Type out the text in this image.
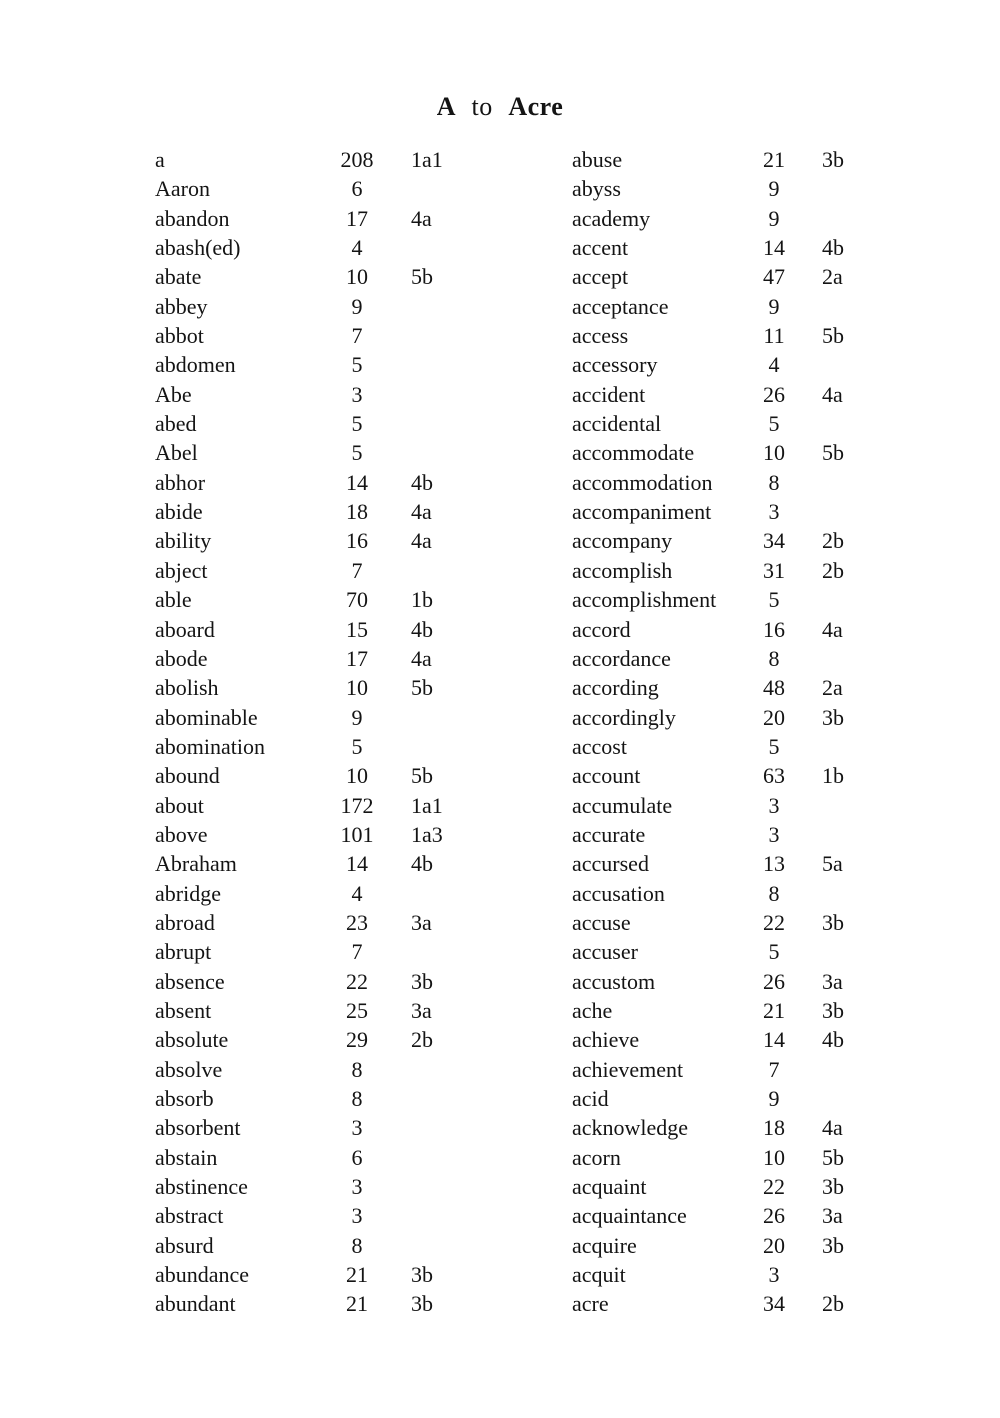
A to Acre
a	208	1a1
Aaron	6
abandon	17	4a
abash(ed)	4
abate	10	5b
abbey	9
abbot	7
abdomen	5
Abe	3
abed	5
Abel	5
abhor	14	4b
abide	18	4a
ability	16	4a
abject	7
able	70	1b
aboard	15	4b
abode	17	4a
abolish	10	5b
abominable	9
abomination	5
abound	10	5b
about	172	1a1
above	101	1a3
Abraham	14	4b
abridge	4
abroad	23	3a
abrupt	7
absence	22	3b
absent	25	3a
absolute	29	2b
absolve	8
absorb	8
absorbent	3
abstain	6
abstinence	3
abstract	3
absurd	8
abundance	21	3b
abundant	21	3b
abuse	21	3b
abyss	9
academy	9
accent	14	4b
accept	47	2a
acceptance	9
access	11	5b
accessory	4
accident	26	4a
accidental	5
accommodate	10	5b
accommodation	8
accompaniment	3
accompany	34	2b
accomplish	31	2b
accomplishment	5
accord	16	4a
accordance	8
according	48	2a
accordingly	20	3b
accost	5
account	63	1b
accumulate	3
accurate	3
accursed	13	5a
accusation	8
accuse	22	3b
accuser	5
accustom	26	3a
ache	21	3b
achieve	14	4b
achievement	7
acid	9
acknowledge	18	4a
acorn	10	5b
acquaint	22	3b
acquaintance	26	3a
acquire	20	3b
acquit	3
acre	34	2b
